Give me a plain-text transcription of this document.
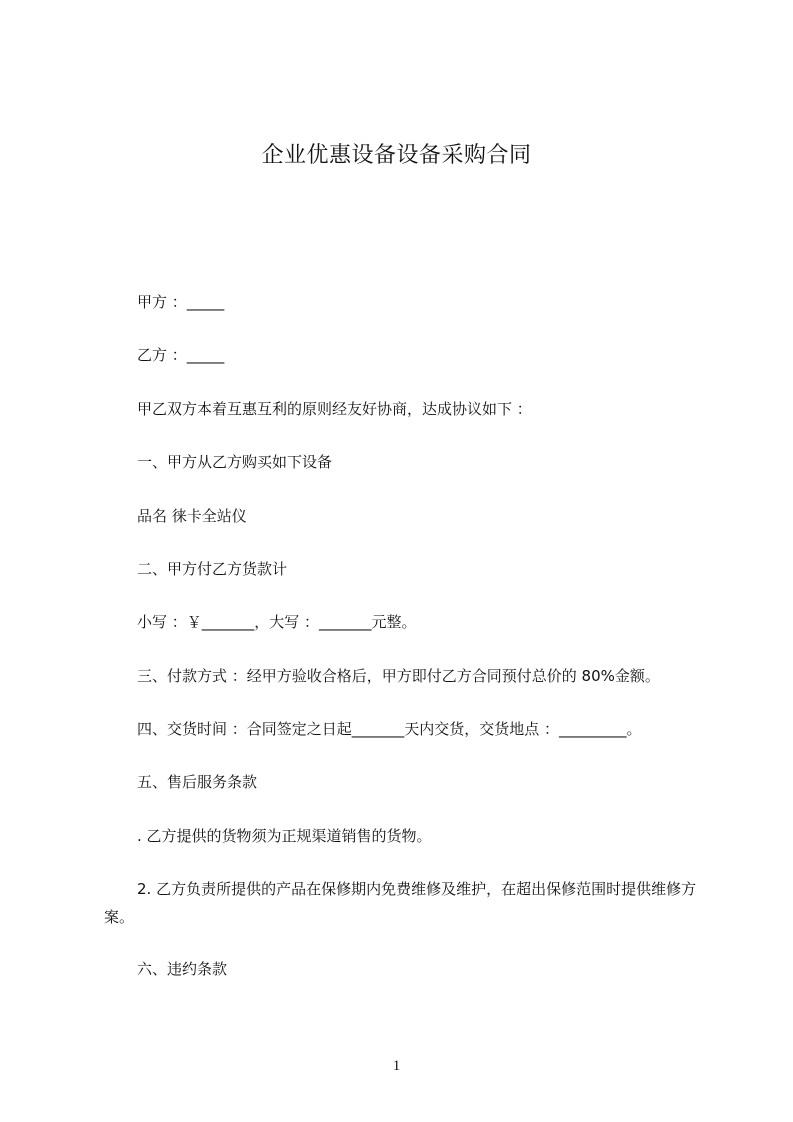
企业优惠设备设备采购合同
甲方 ：_____
乙方 ：_____
甲乙双方本着互惠互利的原则经友好协商，达成协议如下 ：
一、甲方从乙方购买如下设备
品名 徕卡全站仪
二、甲方付乙方货款计
小写 ：￥_______，大写 ：_______元整。
三、付款方式 ：经甲方验收合格后，甲方即付乙方合同预付总价的 80%金额。
四、交货时间 ：合同签定之日起_______天内交货，交货地点 ：_________。
五、售后服务条款
. 乙方提供的货物须为正规渠道销售的货物。
2. 乙方负责所提供的产品在保修期内免费维修及维护，在超出保修范围时提供维修方案。
六、违约条款
1
